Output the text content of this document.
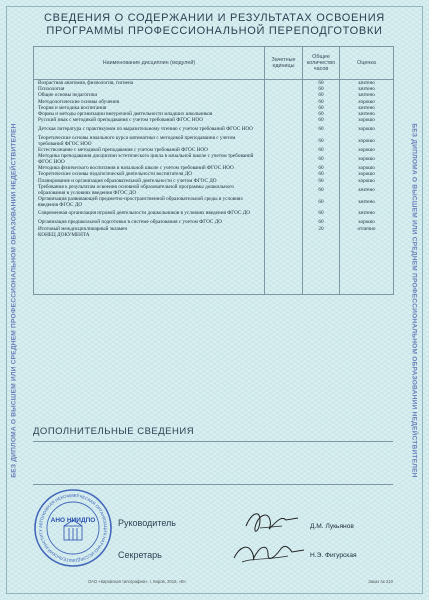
БЕЗ ДИПЛОМА О ВЫСШЕМ ИЛИ СРЕДНЕМ ПРОФЕССИОНАЛЬНОМ ОБРАЗОВАНИИ НЕДЕЙСТВИТЕЛЕН	БЕЗ ДИПЛОМА О ВЫСШЕМ ИЛИ СРЕДНЕМ ПРОФЕССИОНАЛЬНОМ ОБРАЗОВАНИИ НЕДЕЙСТВИТЕЛЕН
СВЕДЕНИЯ О СОДЕРЖАНИИ И РЕЗУЛЬТАТАХ ОСВОЕНИЯ
ПРОГРАММЫ ПРОФЕССИОНАЛЬНОЙ ПЕРЕПОДГОТОВКИ
Наименование дисциплин (модулей)	Зачетные единицы	Общее количество часов	Оценка
Возрастная анатомия, физиология, гигиена		60	зачтено
Психология		60	зачтено
Общие основы педагогики		60	зачтено
Методологические основы обучения		60	хорошо
Теория и методика воспитания		60	зачтено
Формы и методы организации внеурочной деятельности младших школьников		60	зачтено
Русский язык с методикой преподавания с учетом требований ФГОС НОО		60	хорошо
Детская литература с практикумом по выразительному чтению с учетом требований ФГОС НОО		60	хорошо
Теоретические основы начального курса математики с методикой преподавания с учетом требований ФГОС НОО		60	хорошо
Естествознание с методикой преподавания с учетом требований ФГОС НОО		60	хорошо
Методика преподавания дисциплин эстетического цикла в начальной школе с учетом требований ФГОС НОО		60	хорошо
Методика физического воспитания в начальной школе с учетом требований ФГОС НОО		60	хорошо
Теоретические основы педагогической деятельности воспитателя ДО		60	хорошо
Планирование и организация образовательной деятельности с учетом ФГОС ДО		60	хорошо
Требования к результатам освоения основной образовательной программы дошкольного образования в условиях введения ФГОС ДО		60	зачтено
Организация развивающей предметно-пространственной образовательной среды в условиях введения ФГОС ДО		60	зачтено
Современная организация игровой деятельности дошкольников в условиях введения ФГОС ДО		60	зачтено
Организация предшкольной подготовки в системе образования с учетом ФГОС ДО		60	хорошо
Итоговый междисциплинарный экзамен		20	отлично
КОНЕЦ ДОКУМЕНТА			

ДОПОЛНИТЕЛЬНЫЕ СВЕДЕНИЯ
АВТОНОМНАЯ НЕКОММЕРЧЕСКАЯ ОРГАНИЗАЦИЯ НАУЧНО-ИССЛЕДОВАТЕЛЬСКИЙ ИНСТИТУ
АНО НИИДПО	Руководитель	Д.М. Лукьянов
Секретарь	Н.Э. Фигурская
ОАО «Кировская типография», г. Киров, 2016, «В»	Заказ № 210
